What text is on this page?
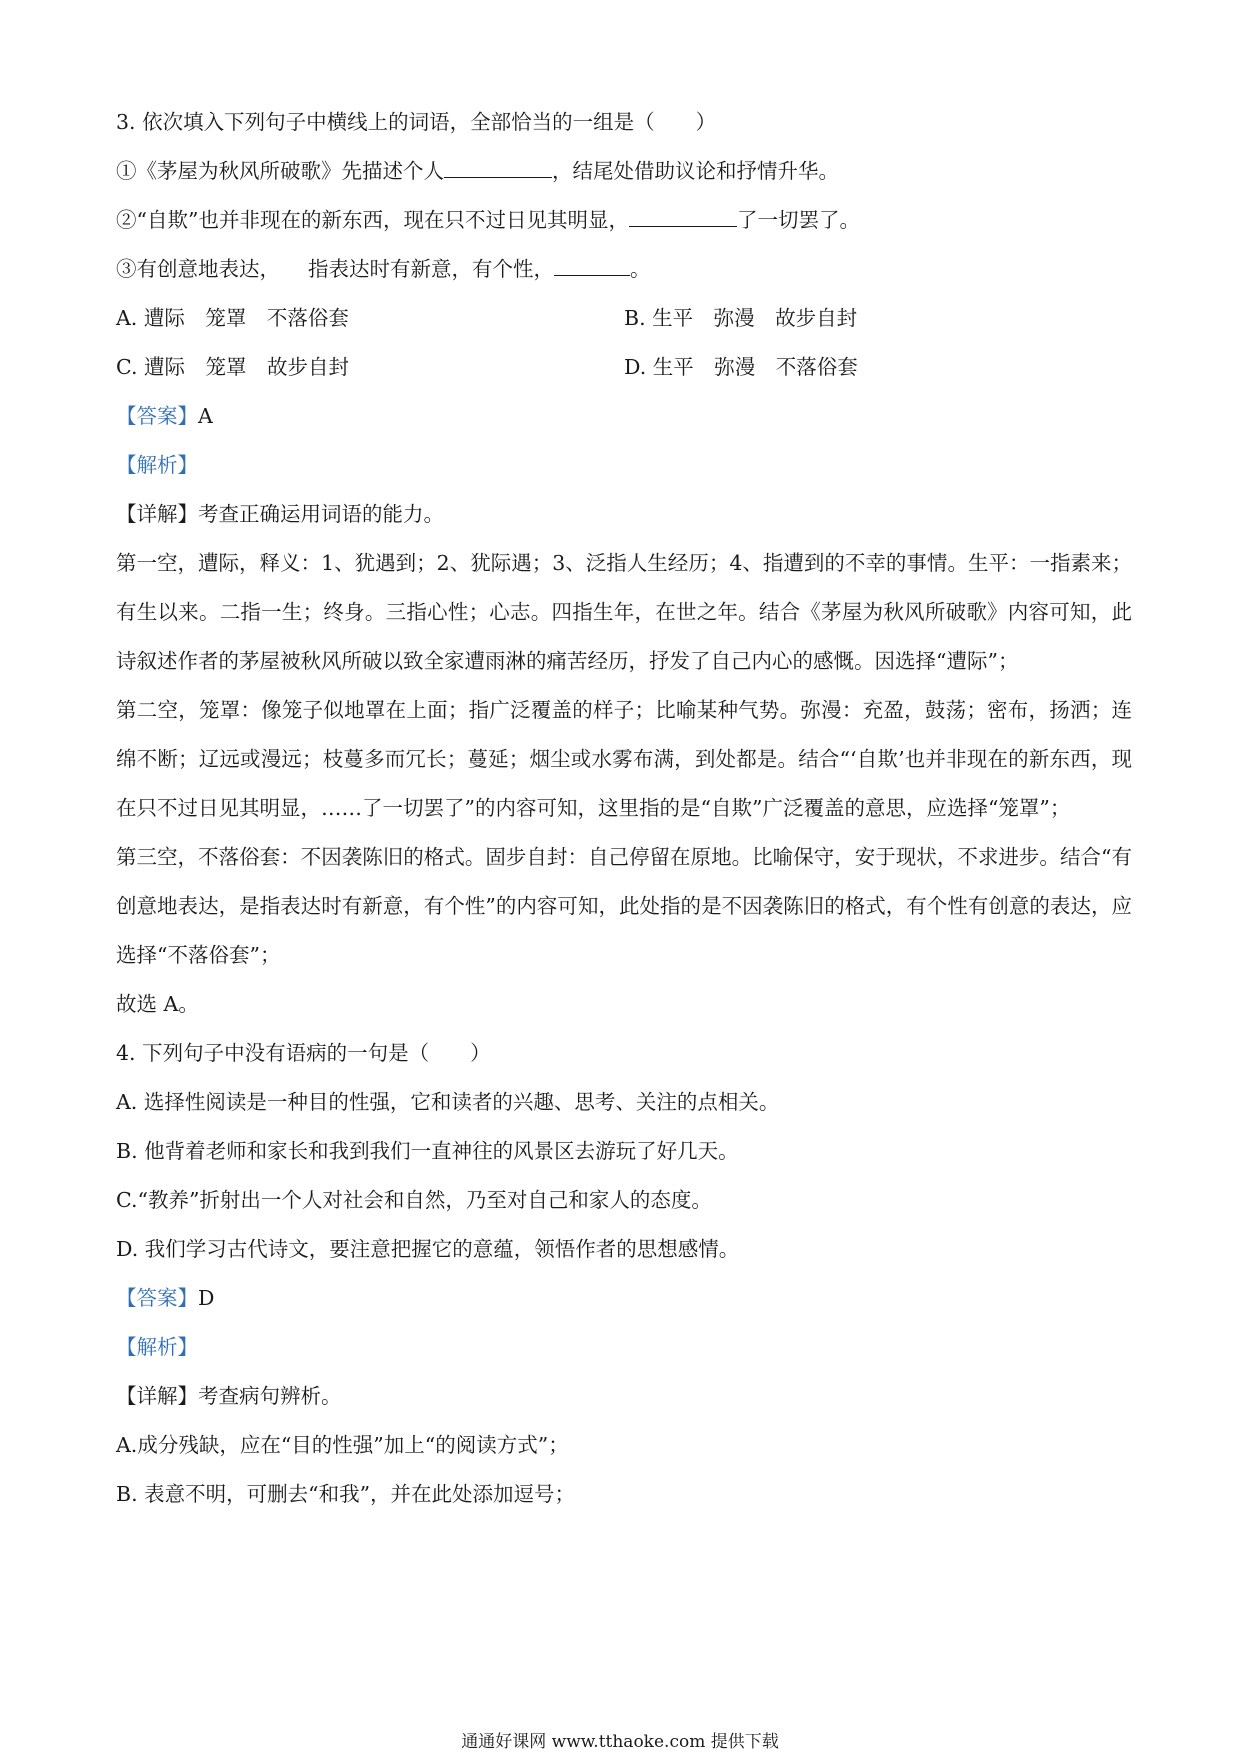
3. 依次填入下列句子中横线上的词语，全部恰当的一组是（　　）

①《茅屋为秋风所破歌》先描述个人	，结尾处借助议论和抒情升华。

②“自欺”也并非现在的新东西，现在只不过日见其明显，	了一切罢了。

③有创意地表达， 指表达时有新意，有个性，	。

A. 遭际　笼罩　不落俗套	B. 生平　弥漫　故步自封
C. 遭际　笼罩　故步自封	D. 生平　弥漫　不落俗套

【答案】A

【解析】

【详解】考查正确运用词语的能力。

第一空，遭际，释义：1、犹遇到；2、犹际遇；3、泛指人生经历；4、指遭到的不幸的事情。生平：一指素来；有生以来。二指一生；终身。三指心性；心志。四指生年，在世之年。结合《茅屋为秋风所破歌》内容可知，此诗叙述作者的茅屋被秋风所破以致全家遭雨淋的痛苦经历，抒发了自己内心的感慨。因选择“遭际”；

第二空，笼罩：像笼子似地罩在上面；指广泛覆盖的样子；比喻某种气势。弥漫：充盈，鼓荡；密布，扬洒；连绵不断；辽远或漫远；枝蔓多而冗长；蔓延；烟尘或水雾布满，到处都是。结合“‘自欺’也并非现在的新东西，现在只不过日见其明显，……了一切罢了”的内容可知，这里指的是“自欺”广泛覆盖的意思，应选择“笼罩”；

第三空，不落俗套：不因袭陈旧的格式。固步自封：自己停留在原地。比喻保守，安于现状，不求进步。结合“有创意地表达，是指表达时有新意，有个性”的内容可知，此处指的是不因袭陈旧的格式，有个性有创意的表达，应选择“不落俗套”；

故选 A。

4. 下列句子中没有语病的一句是（　　）

A. 选择性阅读是一种目的性强，它和读者的兴趣、思考、关注的点相关。

B. 他背着老师和家长和我到我们一直神往的风景区去游玩了好几天。

C.“教养”折射出一个人对社会和自然，乃至对自己和家人的态度。

D. 我们学习古代诗文，要注意把握它的意蕴，领悟作者的思想感情。

【答案】D

【解析】

【详解】考查病句辨析。

A.成分残缺，应在“目的性强”加上“的阅读方式”；

B. 表意不明，可删去“和我”，并在此处添加逗号；

通通好课网 www.tthaoke.com 提供下载
